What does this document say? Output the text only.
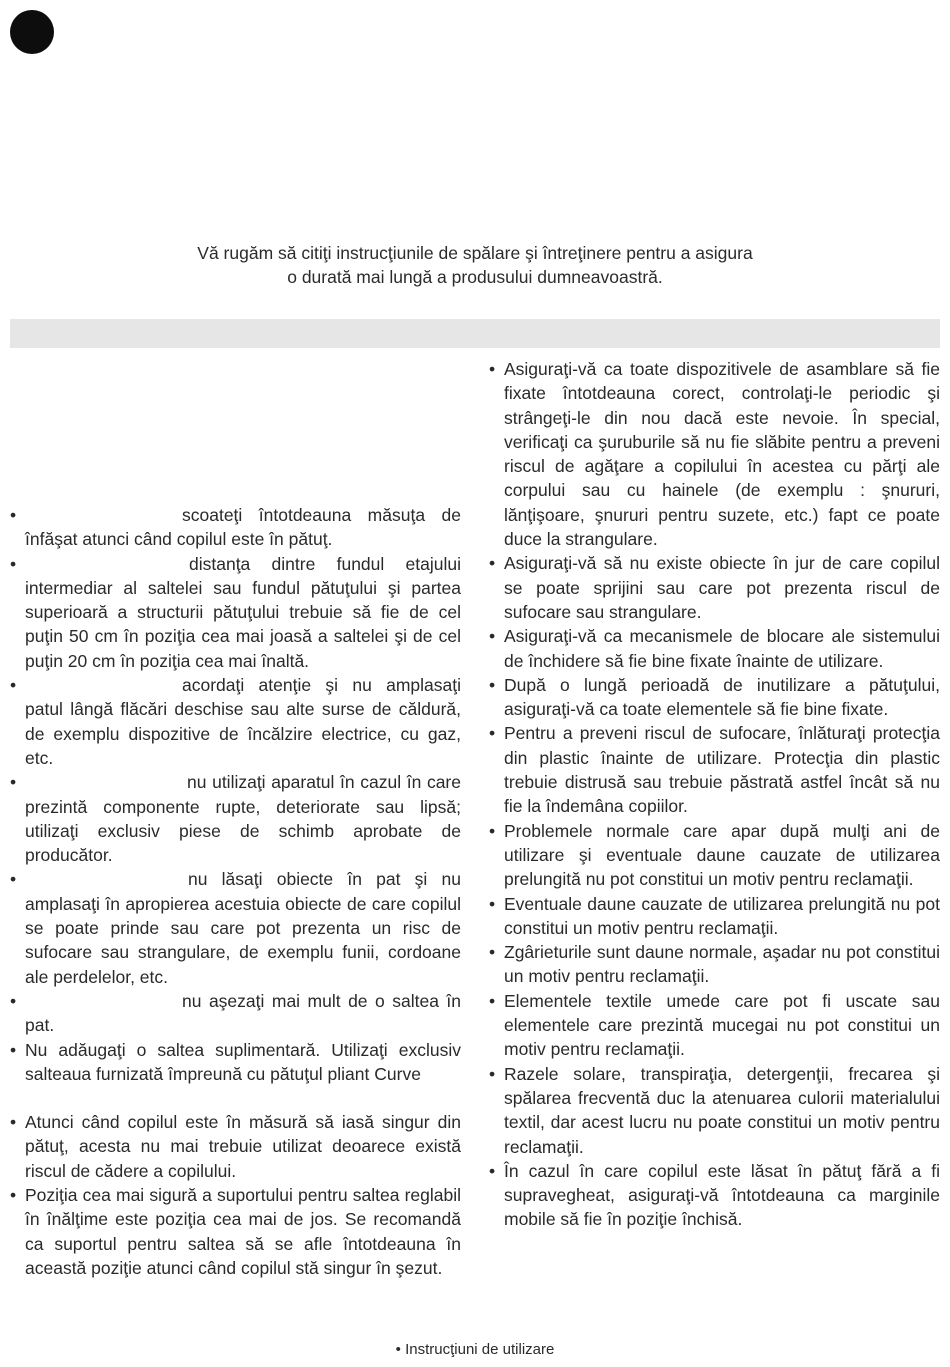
Vă rugăm să citiţi instrucţiunile de spălare şi întreţinere pentru a asigura
o durată mai lungă a produsului dumneavoastră.
•	scoateţi întotdeauna măsuţa de înfăşat atunci când copilul este în pătuţ.
•	distanţa dintre fundul etajului intermediar al saltelei sau fundul pătuţului şi partea superioară a structurii pătuţului trebuie să fie de cel puţin 50 cm în poziţia cea mai joasă a saltelei şi de cel puţin 20 cm în poziţia cea mai înaltă.
•	acordaţi atenţie şi nu amplasaţi patul lângă flăcări deschise sau alte surse de căldură, de exemplu dispozitive de încălzire electrice, cu gaz, etc.
•	nu utilizaţi aparatul în cazul în care prezintă componente rupte, deteriorate sau lipsă; utilizaţi exclusiv piese de schimb aprobate de producător.
•	nu lăsaţi obiecte în pat şi nu amplasaţi în apropierea acestuia obiecte de care copilul se poate prinde sau care pot prezenta un risc de sufocare sau strangulare, de exemplu funii, cordoane ale perdelelor, etc.
•	nu aşezaţi mai mult de o saltea în pat.
• Nu adăugaţi o saltea suplimentară. Utilizaţi exclusiv salteaua furnizată împreună cu pătuţul pliant Curve
• Atunci când copilul este în măsură să iasă singur din pătuţ, acesta nu mai trebuie utilizat deoarece există riscul de cădere a copilului.
• Poziţia cea mai sigură a suportului pentru saltea reglabil în înălţime este poziţia cea mai de jos. Se recomandă ca suportul pentru saltea să se afle întotdeauna în această poziţie atunci când copilul stă singur în şezut.
• Asiguraţi-vă ca toate dispozitivele de asamblare să fie fixate întotdeauna corect, controlaţi-le periodic şi strângeţi-le din nou dacă este nevoie. În special, verificaţi ca şuruburile să nu fie slăbite pentru a preveni riscul de agăţare a copilului în acestea cu părţi ale corpului sau cu hainele (de exemplu : şnururi, lănţişoare, şnururi pentru suzete, etc.) fapt ce poate duce la strangulare.
• Asiguraţi-vă să nu existe obiecte în jur de care copilul se poate sprijini sau care pot prezenta riscul de sufocare sau strangulare.
• Asiguraţi-vă ca mecanismele de blocare ale sistemului de închidere să fie bine fixate înainte de utilizare.
• După o lungă perioadă de inutilizare a pătuţului, asiguraţi-vă ca toate elementele să fie bine fixate.
• Pentru a preveni riscul de sufocare, înlăturaţi protecţia din plastic înainte de utilizare. Protecţia din plastic trebuie distrusă sau trebuie păstrată astfel încât să nu fie la îndemâna copiilor.
• Problemele normale care apar după mulţi ani de utilizare şi eventuale daune cauzate de utilizarea prelungită nu pot constitui un motiv pentru reclamaţii.
• Eventuale daune cauzate de utilizarea prelungită nu pot constitui un motiv pentru reclamaţii.
• Zgârieturile sunt daune normale, aşadar nu pot constitui un motiv pentru reclamaţii.
• Elementele textile umede care pot fi uscate sau elementele care prezintă mucegai nu pot constitui un motiv pentru reclamaţii.
• Razele solare, transpiraţia, detergenţii, frecarea şi spălarea frecventă duc la atenuarea culorii materialului textil, dar acest lucru nu poate constitui un motiv pentru reclamaţii.
• În cazul în care copilul este lăsat în pătuţ fără a fi supravegheat, asiguraţi-vă întotdeauna ca marginile mobile să fie în poziţie închisă.
• Instrucţiuni de utilizare
